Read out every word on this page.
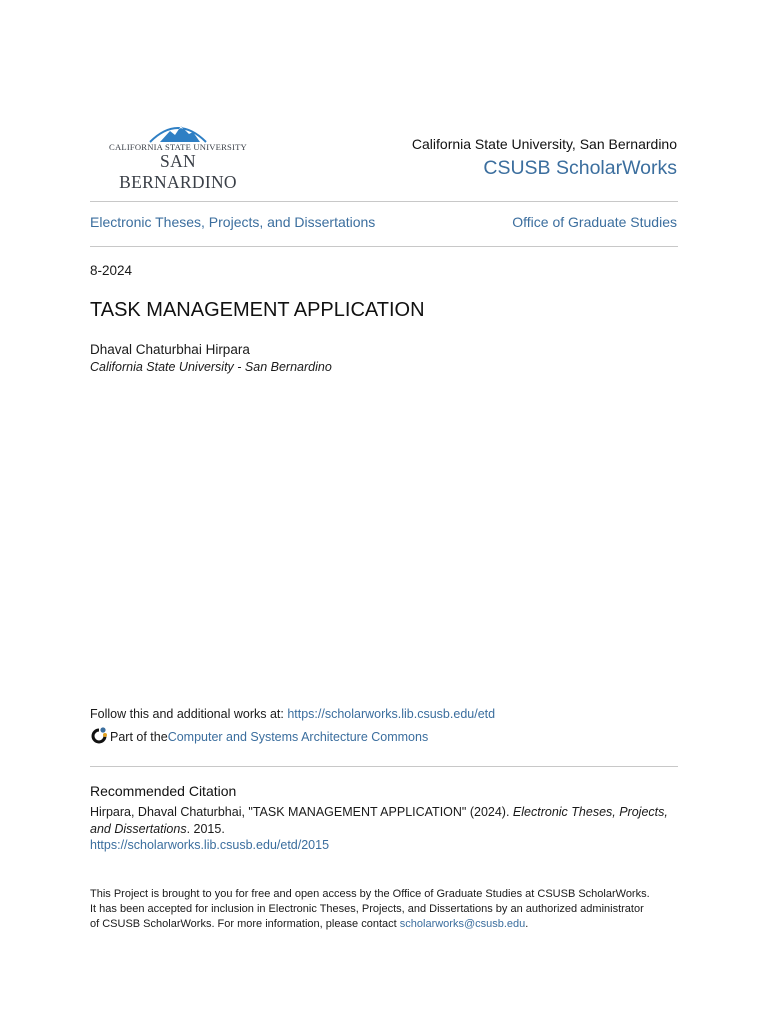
CALIFORNIA STATE UNIVERSITY
SAN BERNARDINO
California State University, San Bernardino
CSUSB ScholarWorks
Electronic Theses, Projects, and Dissertations	Office of Graduate Studies
8-2024
TASK MANAGEMENT APPLICATION
Dhaval Chaturbhai Hirpara
California State University - San Bernardino
Follow this and additional works at: https://scholarworks.lib.csusb.edu/etd
Part of the Computer and Systems Architecture Commons
Recommended Citation
Hirpara, Dhaval Chaturbhai, "TASK MANAGEMENT APPLICATION" (2024). Electronic Theses, Projects, and Dissertations. 2015.
https://scholarworks.lib.csusb.edu/etd/2015
This Project is brought to you for free and open access by the Office of Graduate Studies at CSUSB ScholarWorks.
It has been accepted for inclusion in Electronic Theses, Projects, and Dissertations by an authorized administrator
of CSUSB ScholarWorks. For more information, please contact scholarworks@csusb.edu.
